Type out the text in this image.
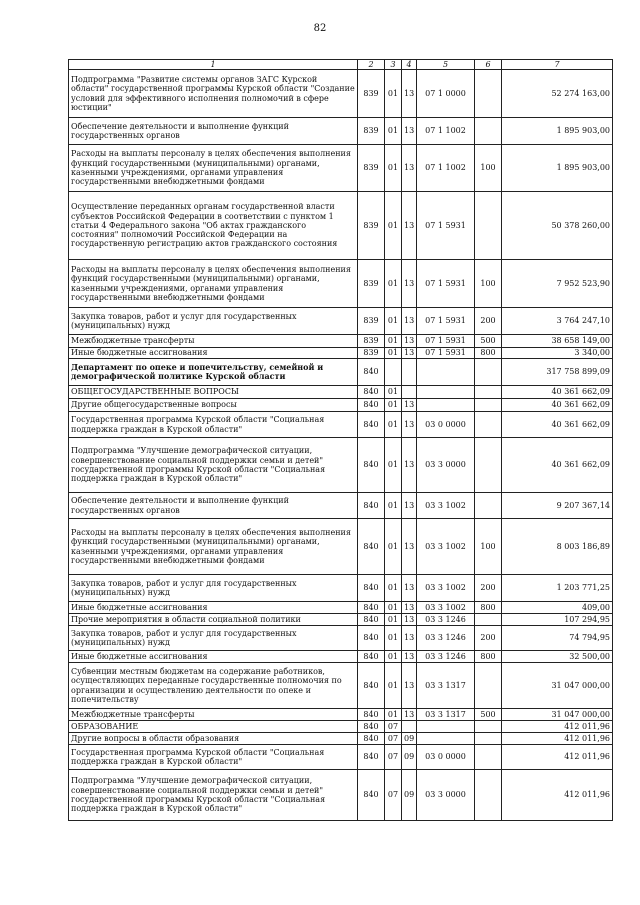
82
1	2	3	4	5	6	7
Подпрограмма "Развитие системы органов ЗАГС Курской области" государственной программы Курской области "Создание условий для эффективного исполнения полномочий в сфере юстиции"	839	01	13	07 1 0000		52 274 163,00
Обеспечение деятельности и выполнение функций государственных органов	839	01	13	07 1 1002		1 895 903,00
Расходы на выплаты персоналу в целях обеспечения выполнения функций государственными (муниципальными) органами, казенными учреждениями, органами управления государственными внебюджетными фондами	839	01	13	07 1 1002	100	1 895 903,00
Осуществление переданных органам государственной власти субъектов Российской Федерации в соответствии с пунктом 1 статьи 4 Федерального закона "Об актах гражданского состояния" полномочий Российской Федерации на государственную регистрацию актов гражданского состояния	839	01	13	07 1 5931		50 378 260,00
Расходы на выплаты персоналу в целях обеспечения выполнения функций государственными (муниципальными) органами, казенными учреждениями, органами управления государственными внебюджетными фондами	839	01	13	07 1 5931	100	7 952 523,90
Закупка товаров, работ и услуг для государственных (муниципальных) нужд	839	01	13	07 1 5931	200	3 764 247,10
Межбюджетные трансферты	839	01	13	07 1 5931	500	38 658 149,00
Иные бюджетные ассигнования	839	01	13	07 1 5931	800	3 340,00
Департамент по опеке и попечительству, семейной и демографической политике Курской области	840					317 758 899,09
ОБЩЕГОСУДАРСТВЕННЫЕ ВОПРОСЫ	840	01				40 361 662,09
Другие общегосударственные вопросы	840	01	13			40 361 662,09
Государственная программа Курской области "Социальная поддержка граждан в Курской области"	840	01	13	03 0 0000		40 361 662,09
Подпрограмма "Улучшение демографической ситуации, совершенствование социальной поддержки семьи и детей" государственной программы Курской области "Социальная поддержка граждан в Курской области"	840	01	13	03 3 0000		40 361 662,09
Обеспечение деятельности и выполнение функций государственных органов	840	01	13	03 3 1002		9 207 367,14
Расходы на выплаты персоналу в целях обеспечения выполнения функций государственными (муниципальными) органами, казенными учреждениями, органами управления государственными внебюджетными фондами	840	01	13	03 3 1002	100	8 003 186,89
Закупка товаров, работ и услуг для государственных (муниципальных) нужд	840	01	13	03 3 1002	200	1 203 771,25
Иные бюджетные ассигнования	840	01	13	03 3 1002	800	409,00
Прочие мероприятия в области социальной политики	840	01	13	03 3 1246		107 294,95
Закупка товаров, работ и услуг для государственных (муниципальных) нужд	840	01	13	03 3 1246	200	74 794,95
Иные бюджетные ассигнования	840	01	13	03 3 1246	800	32 500,00
Субвенции местным бюджетам на содержание работников, осуществляющих переданные государственные полномочия по организации и осуществлению деятельности по опеке и попечительству	840	01	13	03 3 1317		31 047 000,00
Межбюджетные трансферты	840	01	13	03 3 1317	500	31 047 000,00
ОБРАЗОВАНИЕ	840	07				412 011,96
Другие вопросы в области образования	840	07	09			412 011,96
Государственная программа Курской области "Социальная поддержка граждан в Курской области"	840	07	09	03 0 0000		412 011,96
Подпрограмма "Улучшение демографической ситуации, совершенствование социальной поддержки семьи и детей" государственной программы Курской области "Социальная поддержка граждан в Курской области"	840	07	09	03 3 0000		412 011,96
